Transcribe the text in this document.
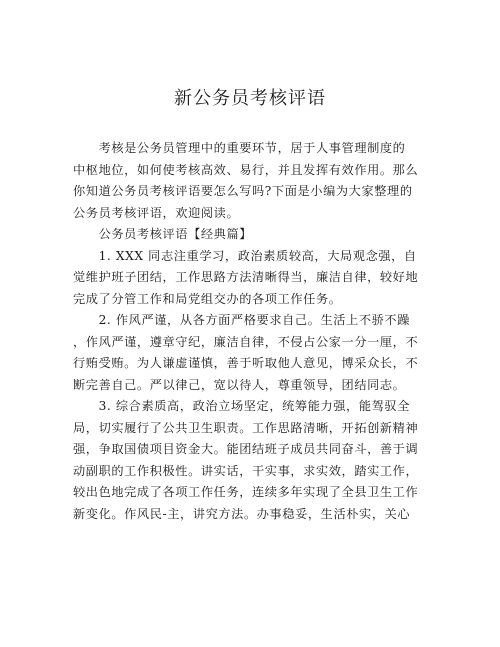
新公务员考核评语

　　考核是公务员管理中的重要环节，居于人事管理制度的
中枢地位，如何使考核高效、易行，并且发挥有效作用。那么
你知道公务员考核评语要怎么写吗?下面是小编为大家整理的
公务员考核评语，欢迎阅读。

　　公务员考核评语【经典篇】

　　1. XXX 同志注重学习，政治素质较高，大局观念强，自
觉维护班子团结，工作思路方法清晰得当，廉洁自律，较好地
完成了分管工作和局党组交办的各项工作任务。

　　2. 作风严谨，从各方面严格要求自己。生活上不骄不躁
，作风严谨，遵章守纪，廉洁自律，不侵占公家一分一厘，不
行贿受贿。为人谦虚谨慎，善于听取他人意见，博采众长，不
断完善自己。严以律己，宽以待人，尊重领导，团结同志。

　　3. 综合素质高，政治立场坚定，统筹能力强，能驾驭全
局，切实履行了公共卫生职责。工作思路清晰，开拓创新精神
强，争取国债项目资金大。能团结班子成员共同奋斗，善于调
动副职的工作积极性。讲实话，干实事，求实效，踏实工作，
较出色地完成了各项工作任务，连续多年实现了全县卫生工作
新变化。作风民-主，讲究方法。办事稳妥，生活朴实，关心
